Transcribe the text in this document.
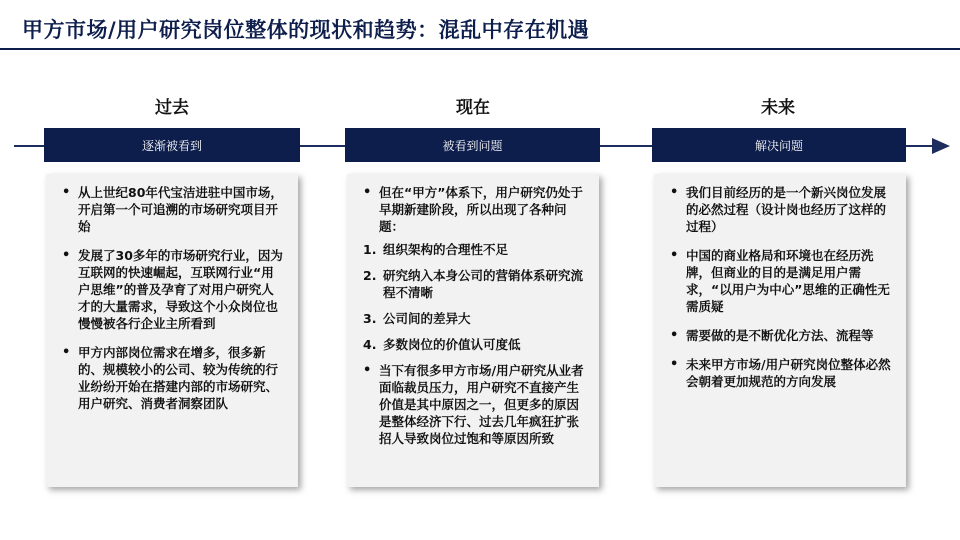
甲方市场/用户研究岗位整体的现状和趋势：混乱中存在机遇
过去	现在	未来
逐渐被看到	被看到问题	解决问题
• 从上世纪80年代宝洁进驻中国市场，开启第一个可追溯的市场研究项目开始
• 发展了30多年的市场研究行业，因为互联网的快速崛起，互联网行业“用户思维”的普及孕育了对用户研究人才的大量需求，导致这个小众岗位也慢慢被各行企业主所看到
• 甲方内部岗位需求在增多，很多新的、规模较小的公司、较为传统的行业纷纷开始在搭建内部的市场研究、用户研究、消费者洞察团队
• 但在“甲方”体系下，用户研究仍处于早期新建阶段，所以出现了各种问题：
1. 组织架构的合理性不足
2. 研究纳入本身公司的营销体系研究流程不清晰
3. 公司间的差异大
4. 多数岗位的价值认可度低
• 当下有很多甲方市场/用户研究从业者面临裁员压力，用户研究不直接产生价值是其中原因之一，但更多的原因是整体经济下行、过去几年疯狂扩张招人导致岗位过饱和等原因所致
• 我们目前经历的是一个新兴岗位发展的必然过程（设计岗也经历了这样的过程）
• 中国的商业格局和环境也在经历洗牌，但商业的目的是满足用户需求，“以用户为中心”思维的正确性无需质疑
• 需要做的是不断优化方法、流程等
• 未来甲方市场/用户研究岗位整体必然会朝着更加规范的方向发展
